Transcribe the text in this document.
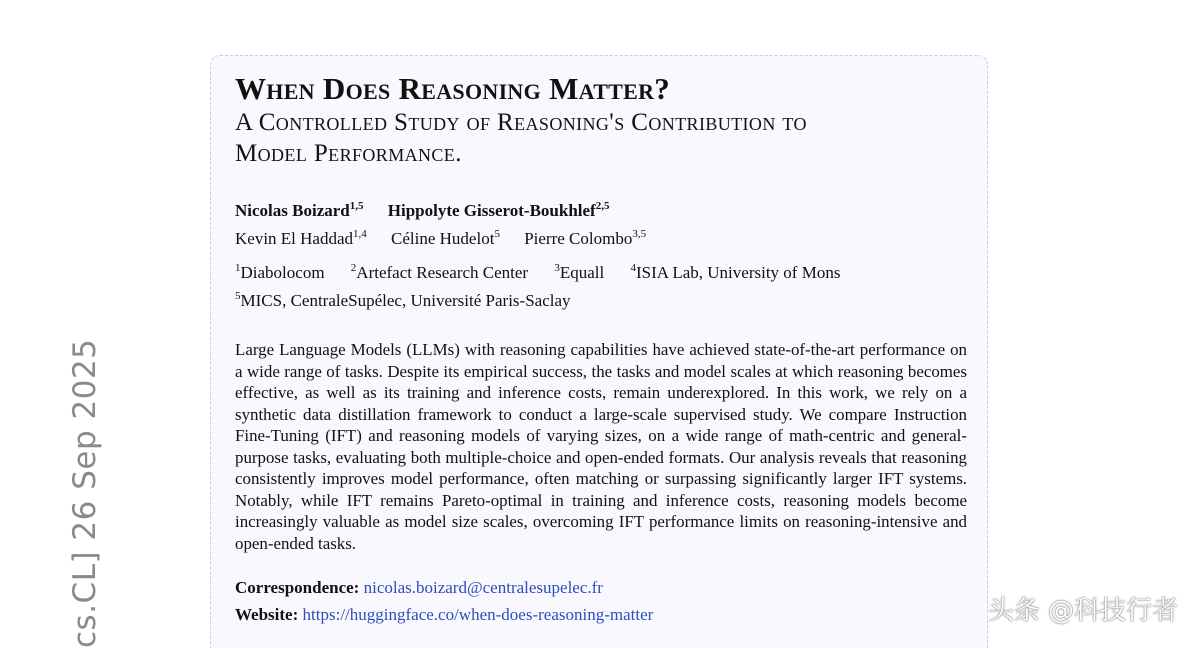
cs.CL] 26 Sep 2025
When Does Reasoning Matter?
A Controlled Study of Reasoning's Contribution to
Model Performance.
Nicolas Boizard$^{1,5}$ Hippolyte Gisserot-Boukhlef$^{2,5}$
Kevin El Haddad$^{1,4}$ Céline Hudelot$^5$ Pierre Colombo$^{3,5}$
$^1$Diabolocom $^2$Artefact Research Center $^3$Equall $^4$ISIA Lab, University of Mons
$^5$MICS, CentraleSupélec, Université Paris-Saclay

Large Language Models (LLMs) with reasoning capabilities have achieved state-of-the-art performance on a wide range of tasks. Despite its empirical success, the tasks and model scales at which reasoning becomes effective, as well as its training and inference costs, remain underexplored. In this work, we rely on a synthetic data distillation framework to conduct a large-scale supervised study. We compare Instruction Fine-Tuning (IFT) and reasoning models of varying sizes, on a wide range of math-centric and general-purpose tasks, evaluating both multiple-choice and open-ended formats. Our analysis reveals that reasoning consistently improves model performance, often matching or surpassing significantly larger IFT systems. Notably, while IFT remains Pareto-optimal in training and inference costs, reasoning models become increasingly valuable as model size scales, overcoming IFT performance limits on reasoning-intensive and open-ended tasks.

Correspondence: nicolas.boizard@centralesupelec.fr
Website: https://huggingface.co/when-does-reasoning-matter	头条 @科技行者
